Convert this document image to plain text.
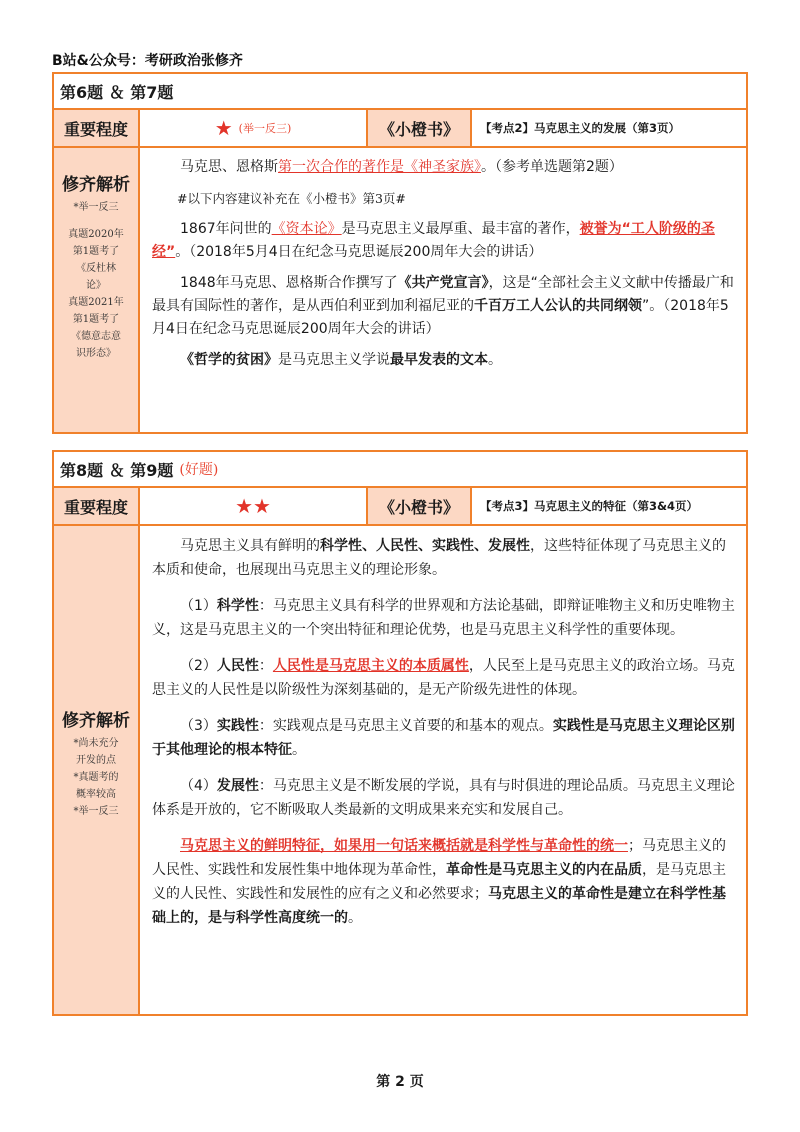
B站&公众号：考研政治张修齐
第6题 ＆ 第7题
重要程度	★ (举一反三)	《小橙书》	【考点2】马克思主义的发展（第3页）
修齐解析
*举一反三
真题2020年
第1题考了
《反杜林
论》
真题2021年
第1题考了
《德意志意
识形态》

马克思、恩格斯第一次合作的著作是《神圣家族》。（参考单选题第2题）

#以下内容建议补充在《小橙书》第3页#

1867年问世的《资本论》是马克思主义最厚重、最丰富的著作，被誉为“工人阶级的圣经”。（2018年5月4日在纪念马克思诞辰200周年大会的讲话）

1848年马克思、恩格斯合作撰写了《共产党宣言》，这是“全部社会主义文献中传播最广和最具有国际性的著作，是从西伯利亚到加利福尼亚的千百万工人公认的共同纲领”。（2018年5月4日在纪念马克思诞辰200周年大会的讲话）

《哲学的贫困》是马克思主义学说最早发表的文本。

第8题 ＆ 第9题 (好题)
重要程度	★★	《小橙书》	【考点3】马克思主义的特征（第3&4页）
修齐解析
*尚未充分
开发的点
*真题考的
概率较高
*举一反三

马克思主义具有鲜明的科学性、人民性、实践性、发展性，这些特征体现了马克思主义的本质和使命，也展现出马克思主义的理论形象。

（1）科学性：马克思主义具有科学的世界观和方法论基础，即辩证唯物主义和历史唯物主义，这是马克思主义的一个突出特征和理论优势，也是马克思主义科学性的重要体现。

（2）人民性：人民性是马克思主义的本质属性，人民至上是马克思主义的政治立场。马克思主义的人民性是以阶级性为深刻基础的，是无产阶级先进性的体现。

（3）实践性：实践观点是马克思主义首要的和基本的观点。实践性是马克思主义理论区别于其他理论的根本特征。

（4）发展性：马克思主义是不断发展的学说，具有与时俱进的理论品质。马克思主义理论体系是开放的，它不断吸取人类最新的文明成果来充实和发展自己。

马克思主义的鲜明特征，如果用一句话来概括就是科学性与革命性的统一；马克思主义的人民性、实践性和发展性集中地体现为革命性，革命性是马克思主义的内在品质，是马克思主义的人民性、实践性和发展性的应有之义和必然要求；马克思主义的革命性是建立在科学性基础上的，是与科学性高度统一的。

第 2 页
